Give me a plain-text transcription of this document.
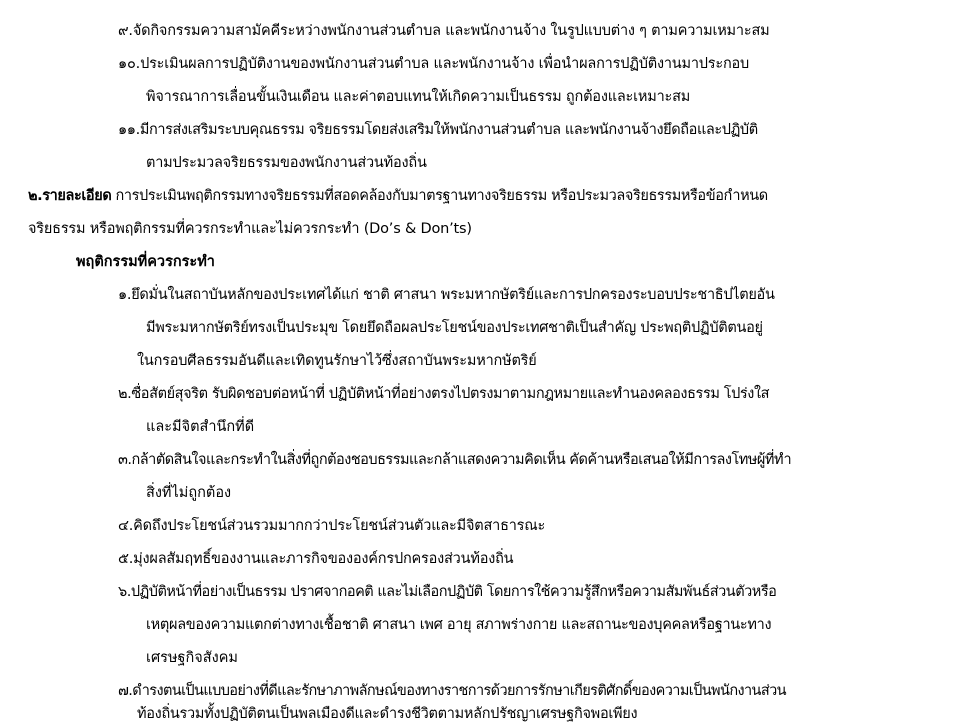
๙.จัดกิจกรรมความสามัคคีระหว่างพนักงานส่วนตำบล และพนักงานจ้าง ในรูปแบบต่าง ๆ ตามความเหมาะสม
๑๐.ประเมินผลการปฏิบัติงานของพนักงานส่วนตำบล และพนักงานจ้าง เพื่อนำผลการปฏิบัติงานมาประกอบ
พิจารณาการเลื่อนขั้นเงินเดือน และค่าตอบแทนให้เกิดความเป็นธรรม ถูกต้องและเหมาะสม
๑๑.มีการส่งเสริมระบบคุณธรรม จริยธรรมโดยส่งเสริมให้พนักงานส่วนตำบล และพนักงานจ้างยึดถือและปฏิบัติ
ตามประมวลจริยธรรมของพนักงานส่วนท้องถิ่น
๒.รายละเอียด การประเมินพฤติกรรมทางจริยธรรมที่สอดคล้องกับมาตรฐานทางจริยธรรม หรือประมวลจริยธรรมหรือข้อกำหนด
จริยธรรม หรือพฤติกรรมที่ควรกระทำและไม่ควรกระทำ (Do’s & Don’ts)
พฤติกรรมที่ควรกระทำ
๑.ยึดมั่นในสถาบันหลักของประเทศได้แก่ ชาติ ศาสนา พระมหากษัตริย์และการปกครองระบอบประชาธิปไตยอัน
มีพระมหากษัตริย์ทรงเป็นประมุข โดยยึดถือผลประโยชน์ของประเทศชาติเป็นสำคัญ ประพฤติปฏิบัติตนอยู่
ในกรอบศีลธรรมอันดีและเทิดทูนรักษาไว้ซึ่งสถาบันพระมหากษัตริย์
๒.ซื่อสัตย์สุจริต รับผิดชอบต่อหน้าที่ ปฏิบัติหน้าที่อย่างตรงไปตรงมาตามกฎหมายและทำนองคลองธรรม โปร่งใส
และมีจิตสำนึกที่ดี
๓.กล้าตัดสินใจและกระทำในสิ่งที่ถูกต้องชอบธรรมและกล้าแสดงความคิดเห็น คัดค้านหรือเสนอให้มีการลงโทษผู้ที่ทำ
สิ่งที่ไม่ถูกต้อง
๔.คิดถึงประโยชน์ส่วนรวมมากกว่าประโยชน์ส่วนตัวและมีจิตสาธารณะ
๕.มุ่งผลสัมฤทธิ์ของงานและภารกิจขององค์กรปกครองส่วนท้องถิ่น
๖.ปฏิบัติหน้าที่อย่างเป็นธรรม ปราศจากอคติ และไม่เลือกปฏิบัติ โดยการใช้ความรู้สึกหรือความสัมพันธ์ส่วนตัวหรือ
เหตุผลของความแตกต่างทางเชื้อชาติ ศาสนา เพศ อายุ สภาพร่างกาย และสถานะของบุคคลหรือฐานะทาง
เศรษฐกิจสังคม
๗.ดำรงตนเป็นแบบอย่างที่ดีและรักษาภาพลักษณ์ของทางราชการด้วยการรักษาเกียรติศักดิ์ของความเป็นพนักงานส่วน
ท้องถิ่นรวมทั้งปฏิบัติตนเป็นพลเมืองดีและดำรงชีวิตตามหลักปรัชญาเศรษฐกิจพอเพียง
